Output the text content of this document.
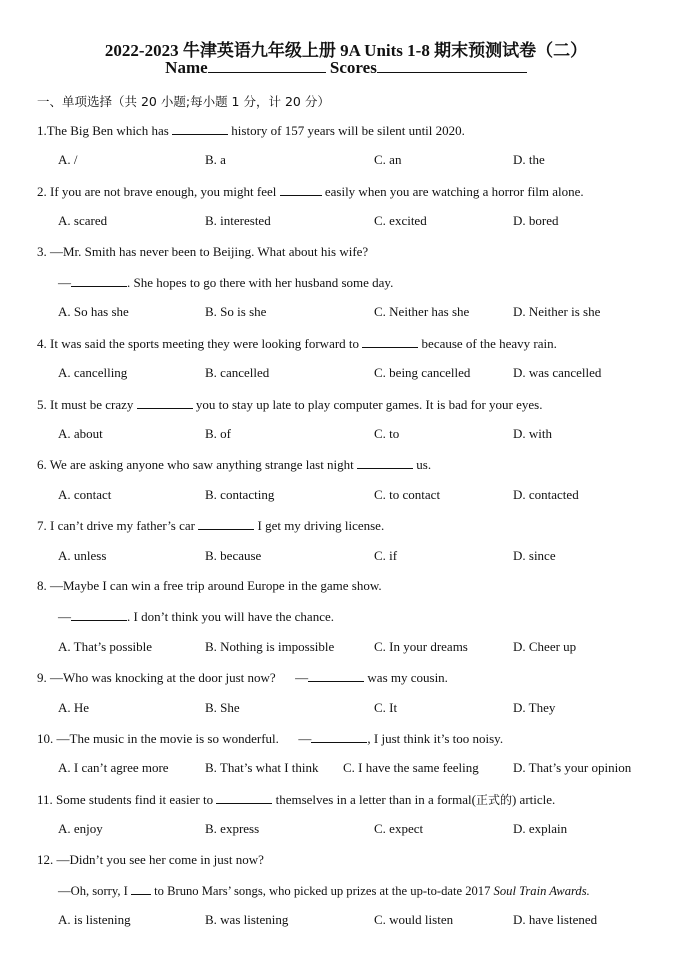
2022-2023 牛津英语九年级上册 9A Units 1-8 期末预测试卷（二）
Name	Scores
一、单项选择（共 20 小题;每小题 1 分，计 20 分）
1.The Big Ben which has	history of 157 years will be silent until 2020.
A. /	B. a	C. an	D. the
2. If you are not brave enough, you might feel	easily when you are watching a horror film alone.
A. scared	B. interested	C. excited	D. bored
3. —Mr. Smith has never been to Beijing. What about his wife?
—	. She hopes to go there with her husband some day.
A. So has she	B. So is she	C. Neither has she	D. Neither is she
4. It was said the sports meeting they were looking forward to	because of the heavy rain.
A. cancelling	B. cancelled	C. being cancelled	D. was cancelled
5. It must be crazy	you to stay up late to play computer games. It is bad for your eyes.
A. about	B. of	C. to	D. with
6. We are asking anyone who saw anything strange last night	us.
A. contact	B. contacting	C. to contact	D. contacted
7. I can’t drive my father’s car	I get my driving license.
A. unless	B. because	C. if	D. since
8. —Maybe I can win a free trip around Europe in the game show.
—	. I don’t think you will have the chance.
A. That’s possible	B. Nothing is impossible	C. In your dreams	D. Cheer up
9. —Who was knocking at the door just now? —	was my cousin.
A. He	B. She	C. It	D. They
10. —The music in the movie is so wonderful. —	, I just think it’s too noisy.
A. I can’t agree more	B. That’s what I think C. I have the same feeling	D. That’s your opinion
11. Some students find it easier to	themselves in a letter than in a formal(正式的) article.
A. enjoy	B. express	C. expect	D. explain
12. —Didn’t you see her come in just now?
—Oh, sorry, I to Bruno Mars’ songs, who picked up prizes at the up-to-date 2017 Soul Train Awards.
A. is listening	B. was listening	C. would listen	D. have listened
